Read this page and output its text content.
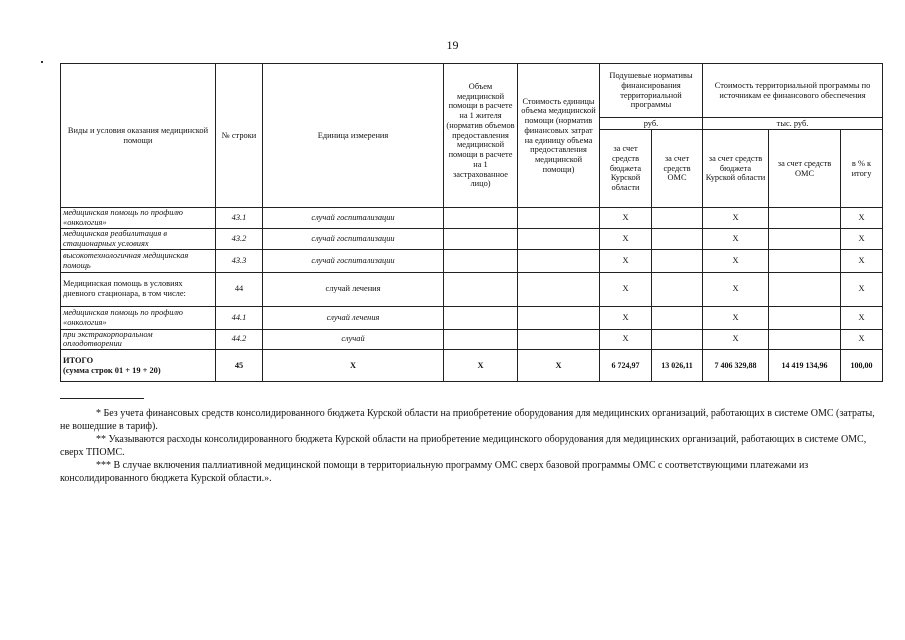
19
Виды и условия оказания медицинской помощи	№ строки	Единица измерения	Объем медицинской помощи в расчете на 1 жителя (норматив объемов предоставления медицинской помощи в расчете на 1 застрахованное лицо)	Стоимость единицы объема медицинской помощи (норматив финансовых затрат на единицу объема предоставления медицинской помощи)	Подушевые нормативы финансирования территориальной программы		Стоимость территориальной программы по источникам ее финансового обеспечения		
					руб.		тыс. руб.		
					за счет средств бюджета Курской области	за счет средств ОМС	за счет средств бюджета Курской области	за счет средств ОМС	в % к итогу
медицинская помощь по профилю «онкология»	43.1	случай госпитализации			X		X		X
медицинская реабилитация в стационарных условиях	43.2	случай госпитализации			X		X		X
высокотехнологичная медицинская помощь	43.3	случай госпитализации			X		X		X
Медицинская помощь в условиях дневного стационара, в том числе:	44	случай лечения			X		X		X
медицинская помощь по профилю «онкология»	44.1	случай лечения			X		X		X
при экстракорпоральном оплодотворении	44.2	случай			X		X		X
ИТОГО
(сумма строк 01 + 19 + 20)	45	X	X	X	6 724,97	13 026,11	7 406 329,88	14 419 134,96	100,00
* Без учета финансовых средств консолидированного бюджета Курской области на приобретение оборудования для медицинских организаций, работающих в системе ОМС (затраты, не вошедшие в тариф).
** Указываются расходы консолидированного бюджета Курской области на приобретение медицинского оборудования для медицинских организаций, работающих в системе ОМС, сверх ТПОМС.
*** В случае включения паллиативной медицинской помощи в территориальную программу ОМС сверх базовой программы ОМС с соответствующими платежами из консолидированного бюджета Курской области.».
